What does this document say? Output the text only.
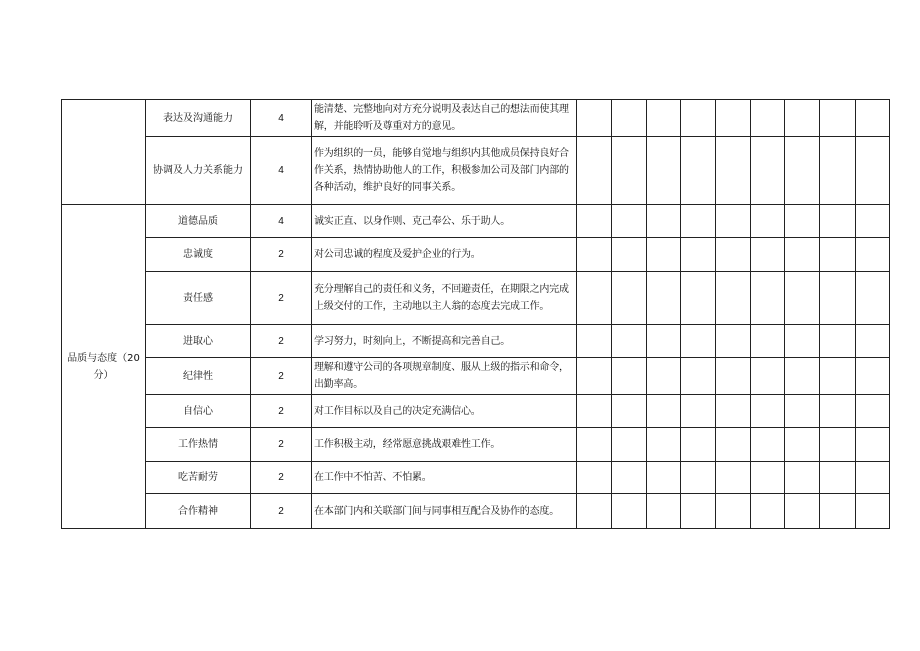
	表达及沟通能力	4	能清楚、完整地向对方充分说明及表达自己的想法而使其理解，并能聆听及尊重对方的意见。									
	协调及人力关系能力	4	作为组织的一员，能够自觉地与组织内其他成员保持良好合作关系，热情协助他人的工作，积极参加公司及部门内部的各种活动，维护良好的同事关系。									
品质与态度（20分）	道德品质	4	诚实正直、以身作则、克己奉公、乐于助人。									
	忠诚度	2	对公司忠诚的程度及爱护企业的行为。									
	责任感	2	充分理解自己的责任和义务，不回避责任，在期限之内完成上级交付的工作，主动地以主人翁的态度去完成工作。									
	进取心	2	学习努力，时刻向上，不断提高和完善自己。									
	纪律性	2	理解和遵守公司的各项规章制度、服从上级的指示和命令，出勤率高。									
	自信心	2	对工作目标以及自己的决定充满信心。									
	工作热情	2	工作积极主动，经常愿意挑战艰难性工作。									
	吃苦耐劳	2	在工作中不怕苦、不怕累。									
	合作精神	2	在本部门内和关联部门间与同事相互配合及协作的态度。									
